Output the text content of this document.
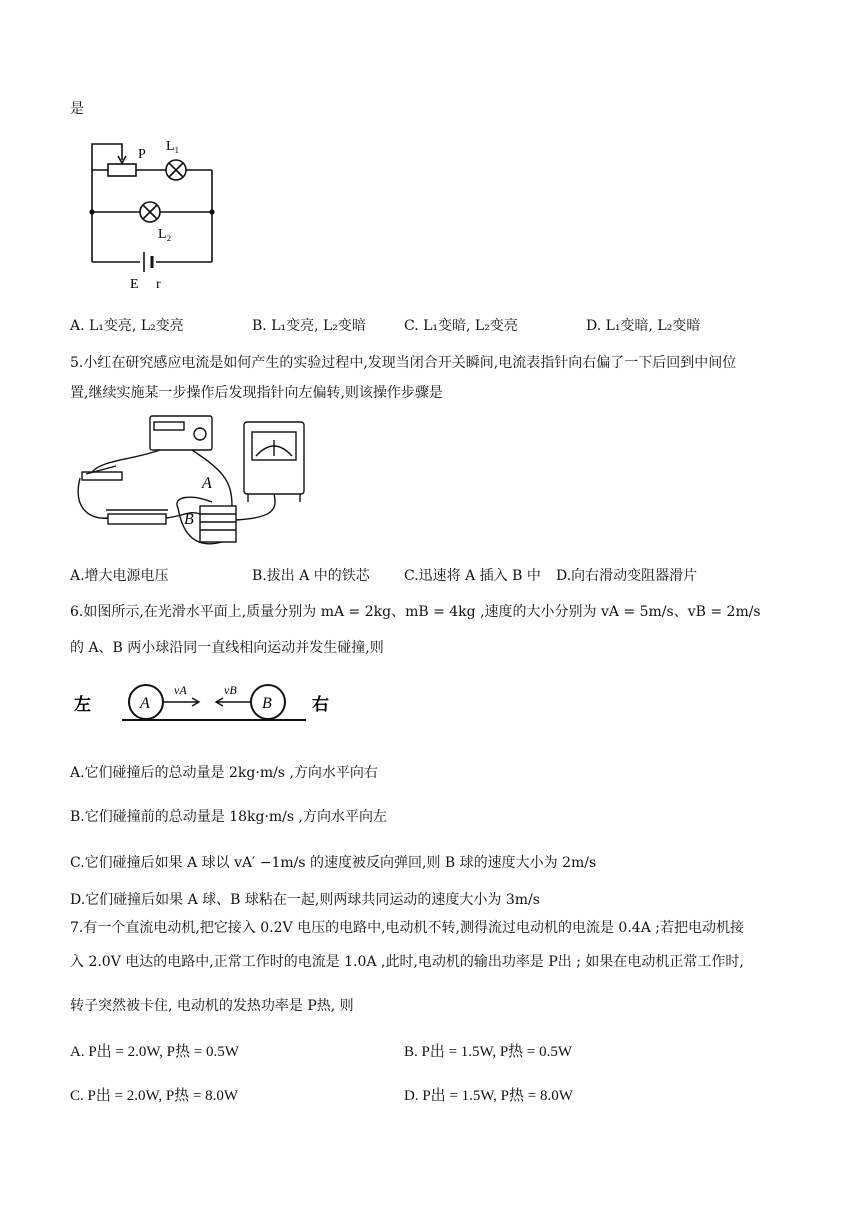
是
P
L₁
L₂
E r
A. L₁变亮, L₂变亮	B. L₁变亮, L₂变暗	C. L₁变暗, L₂变亮	D. L₁变暗, L₂变暗
5.小红在研究感应电流是如何产生的实验过程中,发现当闭合开关瞬间,电流表指针向右偏了一下后回到中间位
置,继续实施某一步操作后发现指针向左偏转,则该操作步骤是
A
B
A.增大电源电压	B.拔出 A 中的铁芯 C.迅速将 A 插入 B 中 D.向右滑动变阻器滑片
6.如图所示,在光滑水平面上,质量分别为 mA = 2kg、mB = 4kg ,速度的大小分别为 vA = 5m/s、vB = 2m/s
的 A、B 两小球沿同一直线相向运动并发生碰撞,则
左	右
A	B
vA	vB
A.它们碰撞后的总动量是 2kg·m/s ,方向水平向右
B.它们碰撞前的总动量是 18kg·m/s ,方向水平向左
C.它们碰撞后如果 A 球以 vA′ −1m/s 的速度被反向弹回,则 B 球的速度大小为 2m/s
D.它们碰撞后如果 A 球、B 球粘在一起,则两球共同运动的速度大小为 3m/s
7.有一个直流电动机,把它接入 0.2V 电压的电路中,电动机不转,测得流过电动机的电流是 0.4A ;若把电动机接
入 2.0V 电达的电路中,正常工作时的电流是 1.0A ,此时,电动机的输出功率是 P出 ; 如果在电动机正常工作时,
转子突然被卡住, 电动机的发热功率是 P热, 则
A. P出 = 2.0W, P热 = 0.5W	B. P出 = 1.5W, P热 = 0.5W
C. P出 = 2.0W, P热 = 8.0W	D. P出 = 1.5W, P热 = 8.0W
